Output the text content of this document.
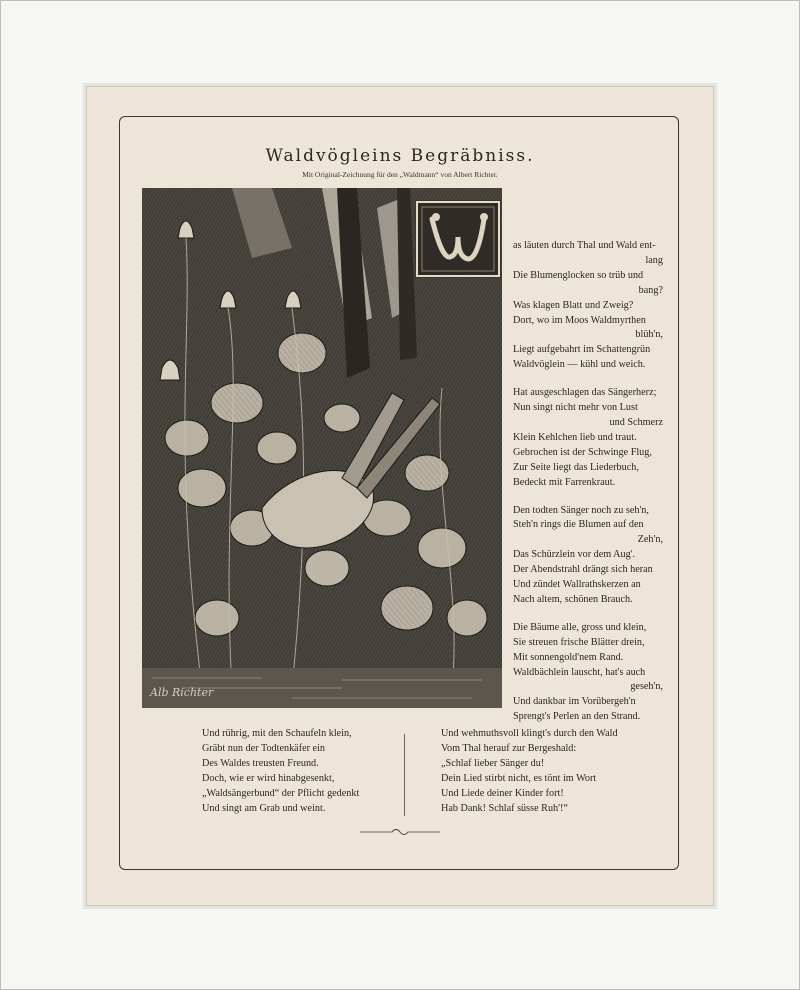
Waldvögleins Begräbniss.
Mit Original-Zeichnung für den „Waldmann“ von Albert Richter.
Alb Richter
as läuten durch Thal und Wald ent-
lang
Die Blumenglocken so trüb und
bang?
Was klagen Blatt und Zweig?
Dort, wo im Moos Waldmyrthen
blüh'n,
Liegt aufgebahrt im Schattengrün
Waldvöglein — kühl und weich.
Hat ausgeschlagen das Sängerherz;
Nun singt nicht mehr von Lust
und Schmerz
Klein Kehlchen lieb und traut.
Gebrochen ist der Schwinge Flug,
Zur Seite liegt das Liederbuch,
Bedeckt mit Farrenkraut.
Den todten Sänger noch zu seh'n,
Steh'n rings die Blumen auf den
Zeh'n,
Das Schürzlein vor dem Aug'.
Der Abendstrahl drängt sich heran
Und zündet Wallrathskerzen an
Nach altem, schönen Brauch.
Die Bäume alle, gross und klein,
Sie streuen frische Blätter drein,
Mit sonnengold'nem Rand.
Waldbächlein lauscht, hat's auch
geseh'n,
Und dankbar im Vorübergeh'n
Sprengt's Perlen an den Strand.
Und rührig, mit den Schaufeln klein,
Gräbt nun der Todtenkäfer ein
Des Waldes treusten Freund.
Doch, wie er wird hinabgesenkt,
„Waldsängerbund“ der Pflicht gedenkt
Und singt am Grab und weint.
Und wehmuthsvoll klingt's durch den Wald
Vom Thal herauf zur Bergeshald:
„Schlaf lieber Sänger du!
Dein Lied stirbt nicht, es tönt im Wort
Und Liede deiner Kinder fort!
Hab Dank! Schlaf süsse Ruh'!“
